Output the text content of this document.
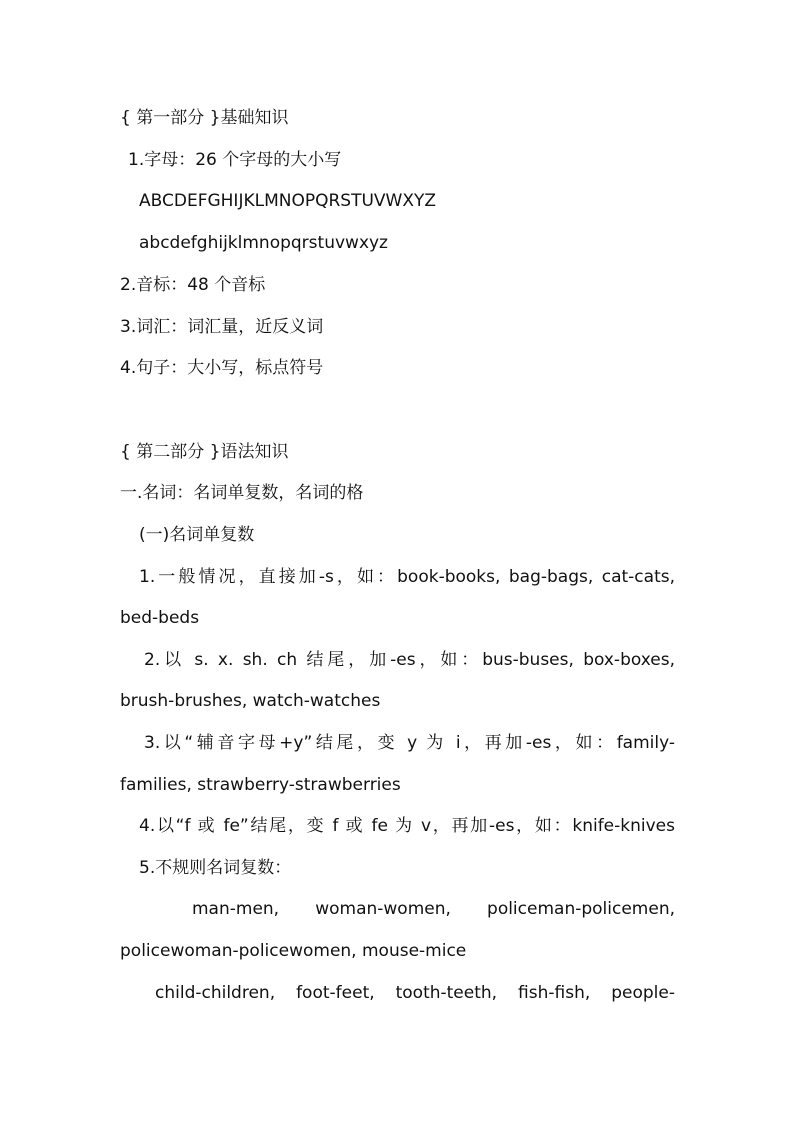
{ 第一部分 }基础知识
1.字母：26 个字母的大小写
ABCDEFGHIJKLMNOPQRSTUVWXYZ
abcdefghijklmnopqrstuvwxyz
2.音标：48 个音标
3.词汇：词汇量，近反义词
4.句子：大小写，标点符号
{ 第二部分 }语法知识
一.名词：名词单复数，名词的格
(一)名词单复数
1.一般情况，直接加-s，如：book-books, bag-bags, cat-cats,
bed-beds
2.以 s. x. sh. ch 结尾，加-es，如：bus-buses, box-boxes,
brush-brushes, watch-watches
3.以“辅音字母+y”结尾，变 y 为 i，再加-es，如：family-
families, strawberry-strawberries
4.以“f 或 fe”结尾，变 f 或 fe 为 v，再加-es，如：knife-knives
5.不规则名词复数：
man-men, woman-women, policeman-policemen,
policewoman-policewomen, mouse-mice
child-children, foot-feet, tooth-teeth, fish-fish, people-
